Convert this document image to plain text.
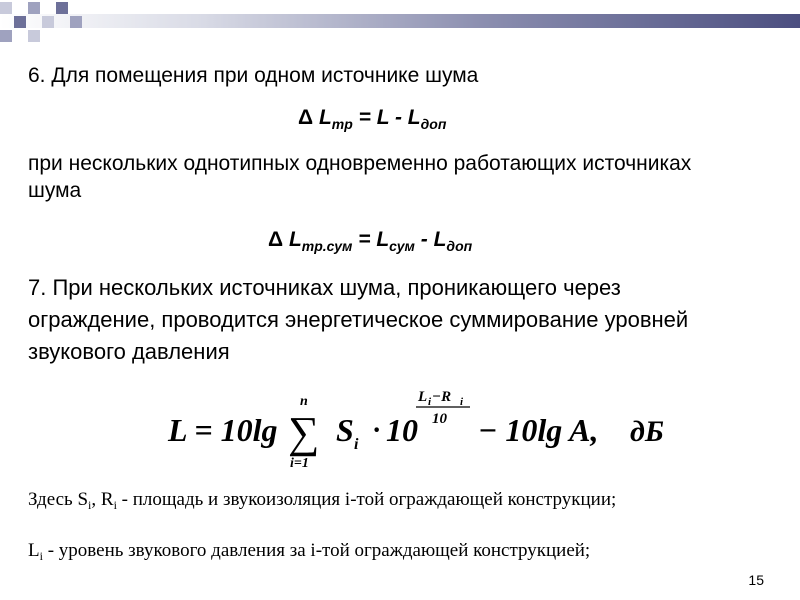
6. Для помещения при одном источнике шума
Δ $L_{тр} = L - L_{доп}$
при нескольких однотипных одновременно работающих источниках шума
Δ $L_{тр.сум} = L_{сум} - L_{доп}$
7. При нескольких источниках шума, проникающего через ограждение, проводится энергетическое суммирование уровней звукового давления
L = 10lg ∑
n
i=1
S i · 10
L i −R i
10 − 10lg A, дБ
Здесь $S_i$, $R_i$ - площадь и звукоизоляция i-той ограждающей конструкции;
$L_i$ - уровень звукового давления за i-той ограждающей конструкцией;
15
